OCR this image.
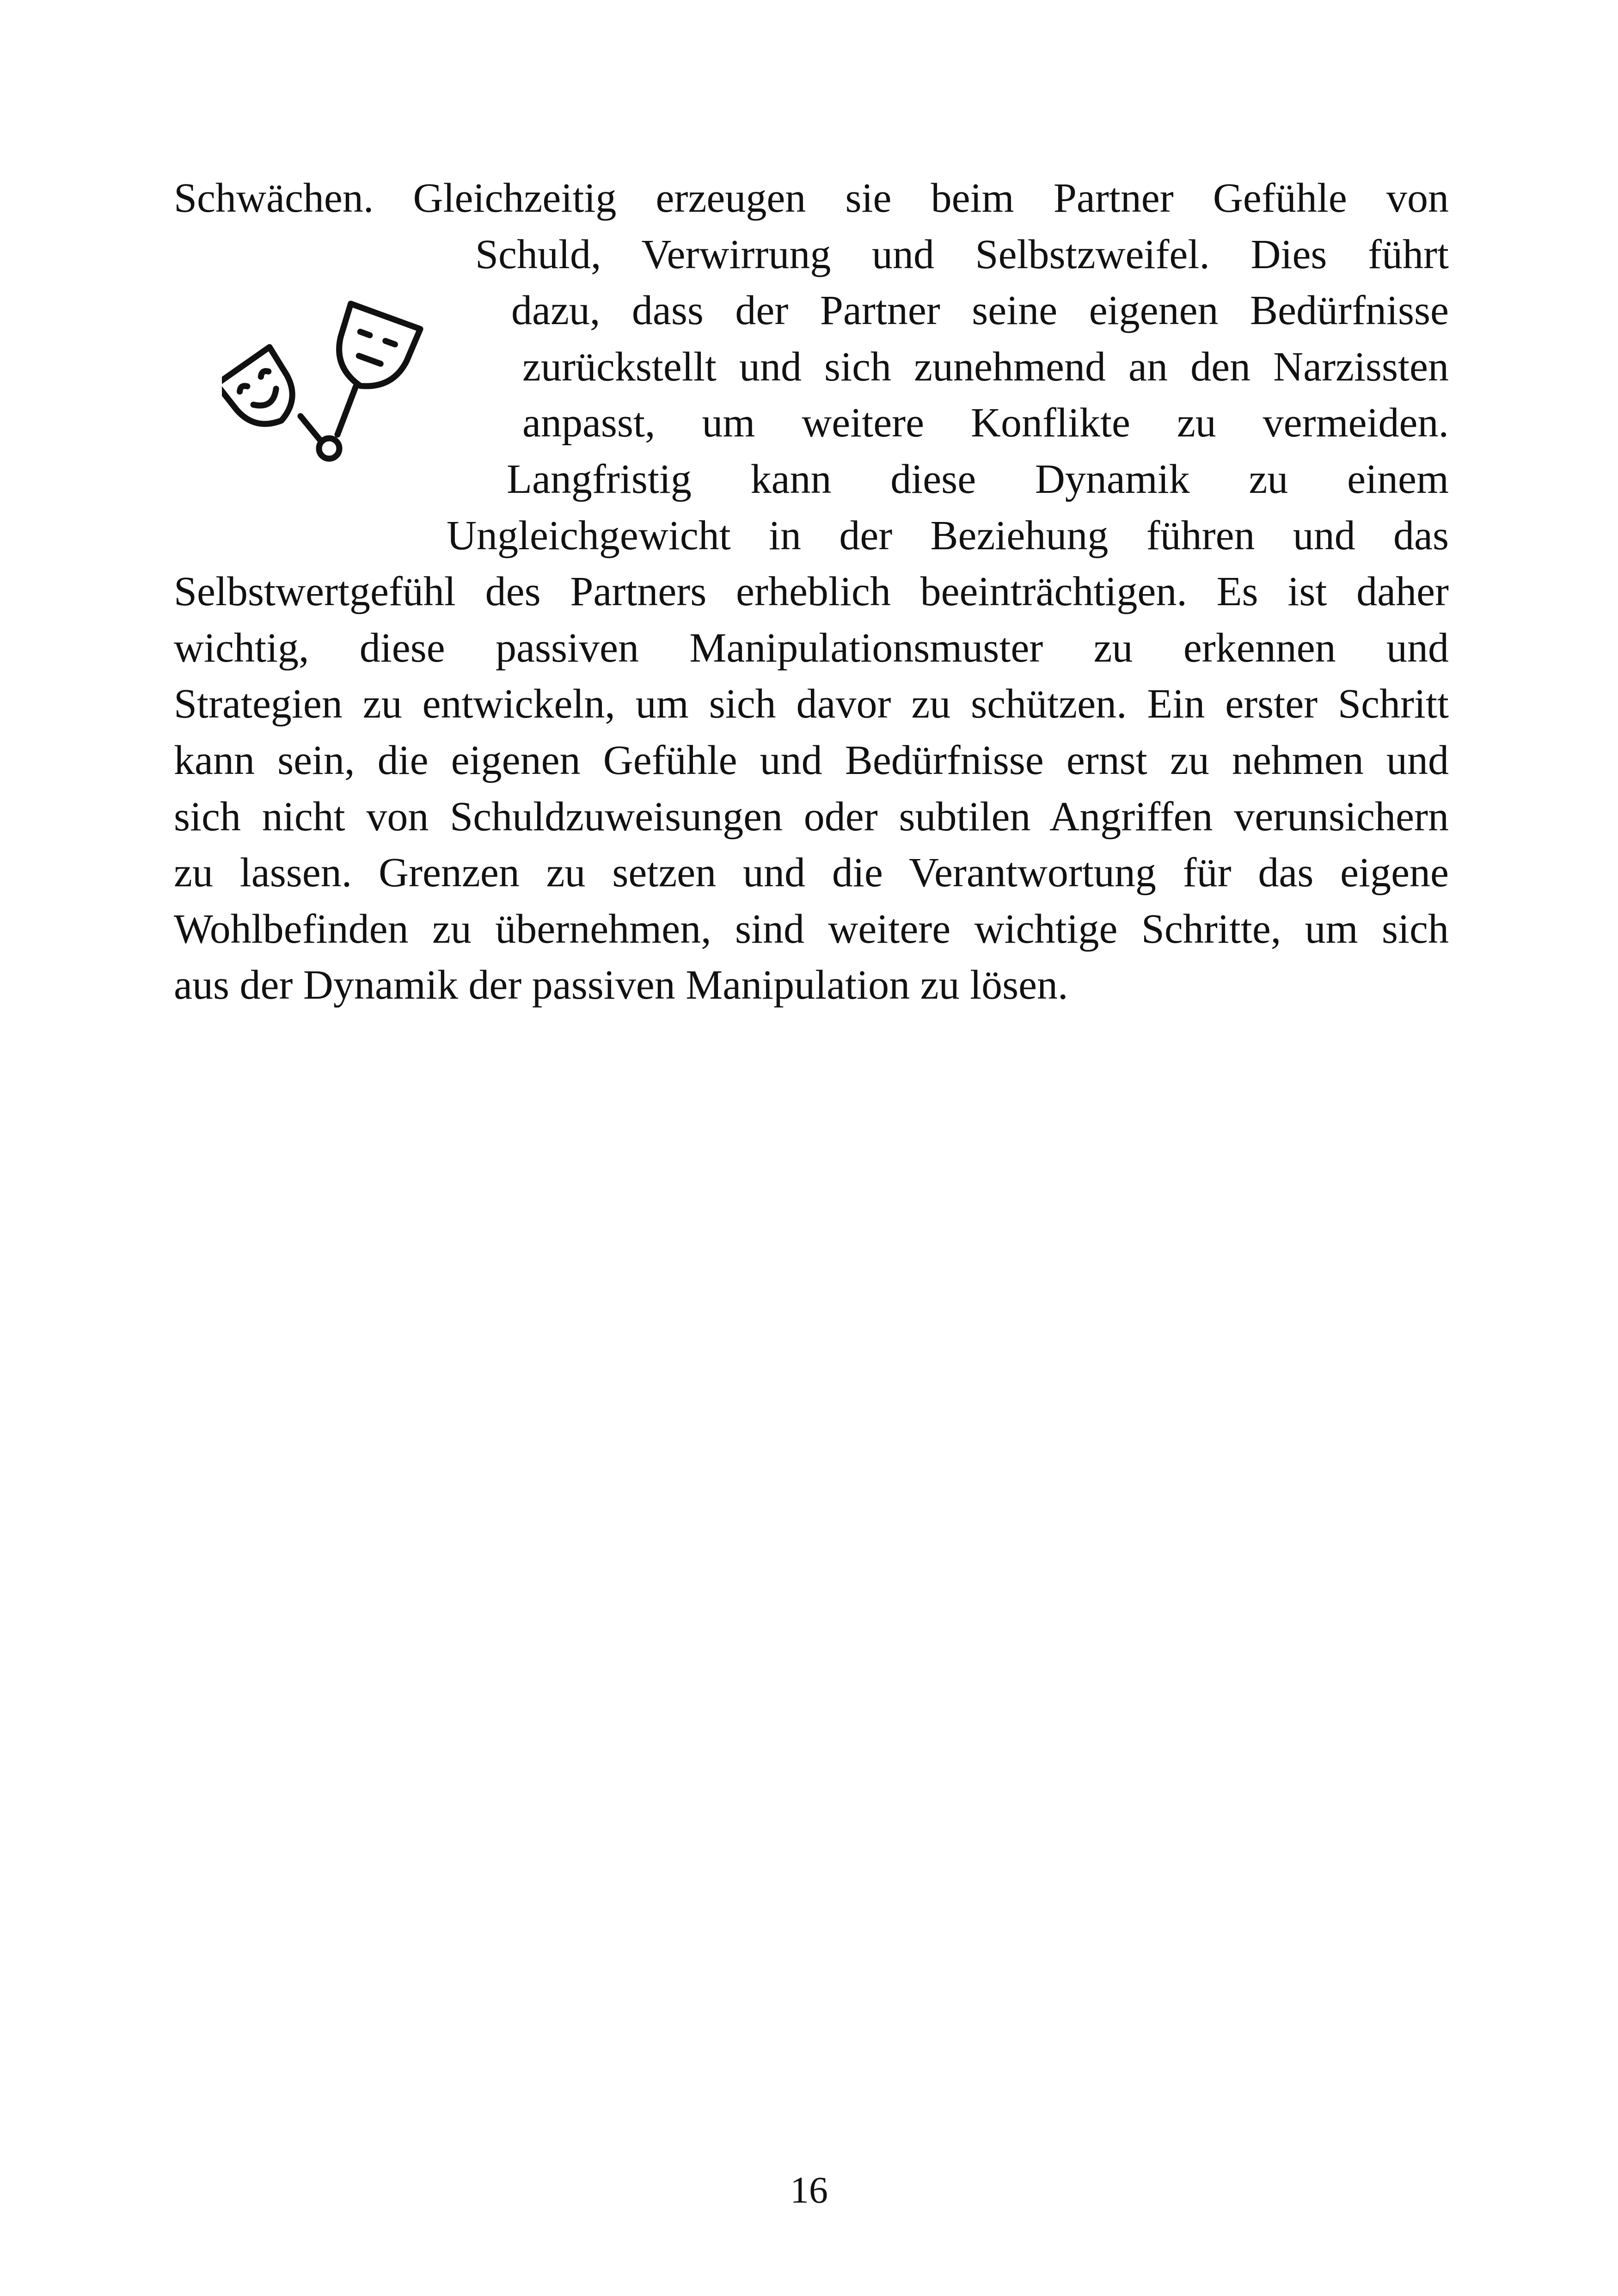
Schwächen. Gleichzeitig erzeugen sie beim Partner Gefühle von
Schuld, Verwirrung und Selbstzweifel. Dies führt
dazu, dass der Partner seine eigenen Bedürfnisse
zurückstellt und sich zunehmend an den Narzissten
anpasst, um weitere Konflikte zu vermeiden.
Langfristig kann diese Dynamik zu einem
Ungleichgewicht in der Beziehung führen und das
Selbstwertgefühl des Partners erheblich beeinträchtigen. Es ist daher
wichtig, diese passiven Manipulationsmuster zu erkennen und
Strategien zu entwickeln, um sich davor zu schützen. Ein erster Schritt
kann sein, die eigenen Gefühle und Bedürfnisse ernst zu nehmen und
sich nicht von Schuldzuweisungen oder subtilen Angriffen verunsichern
zu lassen. Grenzen zu setzen und die Verantwortung für das eigene
Wohlbefinden zu übernehmen, sind weitere wichtige Schritte, um sich
aus der Dynamik der passiven Manipulation zu lösen.
16
